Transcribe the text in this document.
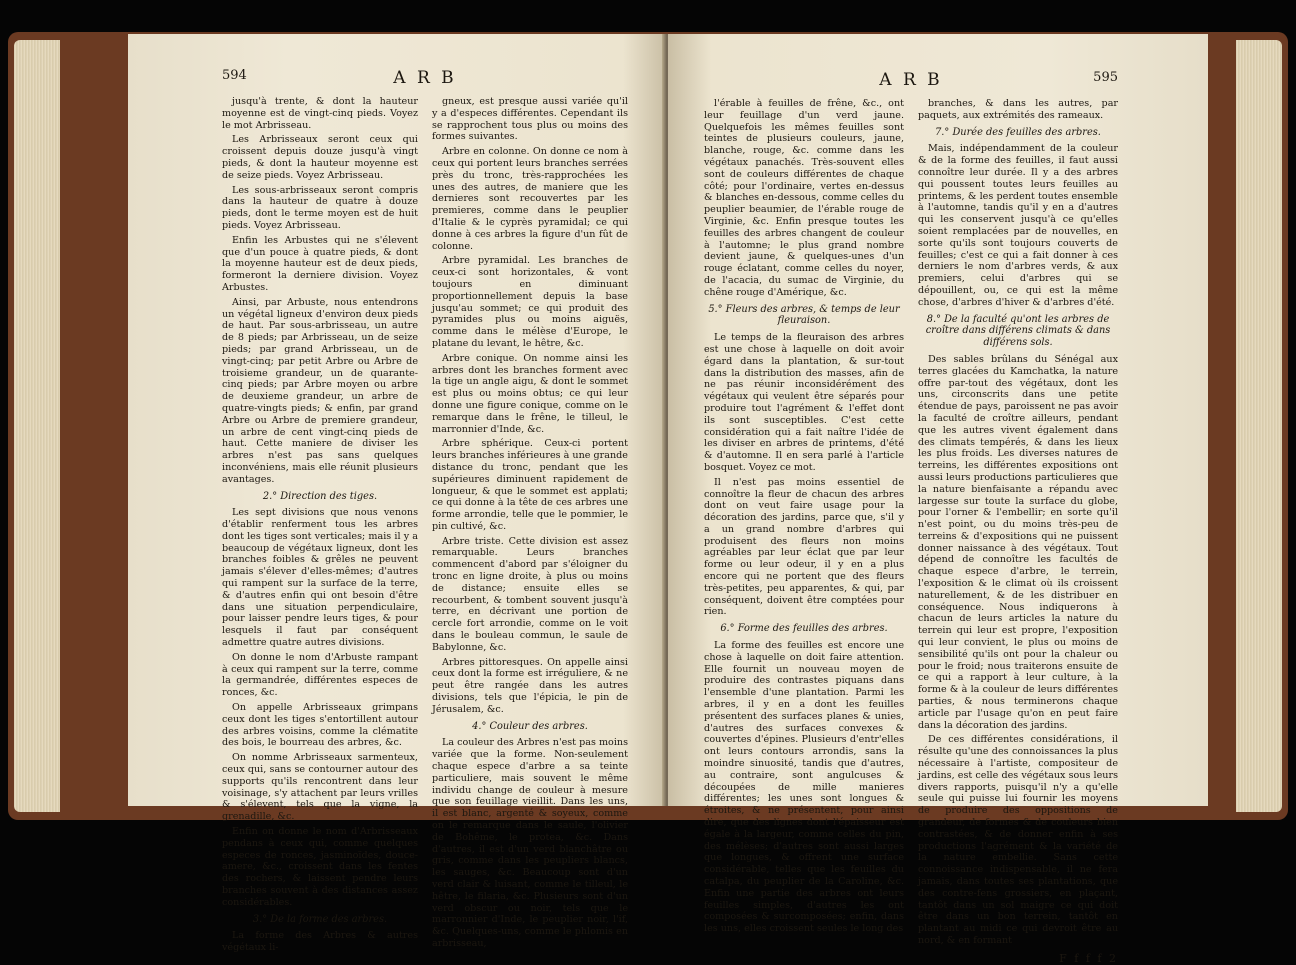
594	A R B

jusqu'à trente, & dont la hauteur moyenne est de vingt-cinq pieds. Voyez le mot Arbrisseau.

Les Arbrisseaux seront ceux qui croissent depuis douze jusqu'à vingt pieds, & dont la hauteur moyenne est de seize pieds. Voyez Arbrisseau.

Les sous-arbrisseaux seront compris dans la hauteur de quatre à douze pieds, dont le terme moyen est de huit pieds. Voyez Arbrisseau.

Enfin les Arbustes qui ne s'élevent que d'un pouce à quatre pieds, & dont la moyenne hauteur est de deux pieds, formeront la derniere division. Voyez Arbustes.

Ainsi, par Arbuste, nous entendrons un végétal ligneux d'environ deux pieds de haut. Par sous-arbrisseau, un autre de 8 pieds; par Arbrisseau, un de seize pieds; par grand Arbrisseau, un de vingt-cinq; par petit Arbre ou Arbre de troisieme grandeur, un de quarante-cinq pieds; par Arbre moyen ou arbre de deuxieme grandeur, un arbre de quatre-vingts pieds; & enfin, par grand Arbre ou Arbre de premiere grandeur, un arbre de cent vingt-cinq pieds de haut. Cette maniere de diviser les arbres n'est pas sans quelques inconvéniens, mais elle réunit plusieurs avantages.

2.° Direction des tiges.

Les sept divisions que nous venons d'établir renferment tous les arbres dont les tiges sont verticales; mais il y a beaucoup de végétaux ligneux, dont les branches foibles & grêles ne peuvent jamais s'élever d'elles-mêmes; d'autres qui rampent sur la surface de la terre, & d'autres enfin qui ont besoin d'être dans une situation perpendiculaire, pour laisser pendre leurs tiges, & pour lesquels il faut par conséquent admettre quatre autres divisions.

On donne le nom d'Arbuste rampant à ceux qui rampent sur la terre, comme la germandrée, différentes especes de ronces, &c.

On appelle Arbrisseaux grimpans ceux dont les tiges s'entortillent autour des arbres voisins, comme la clématite des bois, le bourreau des arbres, &c.

On nomme Arbrisseaux sarmenteux, ceux qui, sans se contourner autour des supports qu'ils rencontrent dans leur voisinage, s'y attachent par leurs vrilles & s'élevent, tels que la vigne, la grenadille, &c.

Enfin on donne le nom d'Arbrisseaux pendans à ceux qui, comme quelques especes de ronces, jasminoïdes, douce-amere, &c., croissent dans les fentes des rochers, & laissent pendre leurs branches souvent à des distances assez considérables.

3.° De la forme des arbres.

La forme des Arbres & autres végétaux li-

gneux, est presque aussi variée qu'il y a d'especes différentes. Cependant ils se rapprochent tous plus ou moins des formes suivantes.

Arbre en colonne. On donne ce nom à ceux qui portent leurs branches serrées près du tronc, très-rapprochées les unes des autres, de maniere que les dernieres sont recouvertes par les premieres, comme dans le peuplier d'Italie & le cyprès pyramidal; ce qui donne à ces arbres la figure d'un fût de colonne.

Arbre pyramidal. Les branches de ceux-ci sont horizontales, & vont toujours en diminuant proportionnellement depuis la base jusqu'au sommet; ce qui produit des pyramides plus ou moins aiguës, comme dans le mélèse d'Europe, le platane du levant, le hêtre, &c.

Arbre conique. On nomme ainsi les arbres dont les branches forment avec la tige un angle aigu, & dont le sommet est plus ou moins obtus; ce qui leur donne une figure conique, comme on le remarque dans le frêne, le tilleul, le marronnier d'Inde, &c.

Arbre sphérique. Ceux-ci portent leurs branches inférieures à une grande distance du tronc, pendant que les supérieures diminuent rapidement de longueur, & que le sommet est applati; ce qui donne à la tête de ces arbres une forme arrondie, telle que le pommier, le pin cultivé, &c.

Arbre triste. Cette division est assez remarquable. Leurs branches commencent d'abord par s'éloigner du tronc en ligne droite, à plus ou moins de distance; ensuite elles se recourbent, & tombent souvent jusqu'à terre, en décrivant une portion de cercle fort arrondie, comme on le voit dans le bouleau commun, le saule de Babylonne, &c.

Arbres pittoresques. On appelle ainsi ceux dont la forme est irréguliere, & ne peut être rangée dans les autres divisions, tels que l'épicia, le pin de Jérusalem, &c.

4.° Couleur des arbres.

La couleur des Arbres n'est pas moins variée que la forme. Non-seulement chaque espece d'arbre a sa teinte particuliere, mais souvent le même individu change de couleur à mesure que son feuillage vieillit. Dans les uns, il est blanc, argenté & soyeux, comme on le remarque dans le saule, l'olivier de Bohême, le protea, &c. Dans d'autres, il est d'un verd blanchâtre ou gris, comme dans les peupliers blancs, les sauges, &c. Beaucoup sont d'un verd clair & luisant, comme le tilleul, le hêtre, le filaria, &c. Plusieurs sont d'un verd obscur ou noir, tels que le marronnier d'Inde, le peuplier noir, l'if, &c. Quelques-uns, comme le phlomis en arbrisseau,

A R B	595

l'érable à feuilles de frêne, &c., ont leur feuillage d'un verd jaune. Quelquefois les mêmes feuilles sont teintes de plusieurs couleurs, jaune, blanche, rouge, &c. comme dans les végétaux panachés. Très-souvent elles sont de couleurs différentes de chaque côté; pour l'ordinaire, vertes en-dessus & blanches en-dessous, comme celles du peuplier beaumier, de l'érable rouge de Virginie, &c. Enfin presque toutes les feuilles des arbres changent de couleur à l'automne; le plus grand nombre devient jaune, & quelques-unes d'un rouge éclatant, comme celles du noyer, de l'acacia, du sumac de Virginie, du chêne rouge d'Amérique, &c.

5.° Fleurs des arbres, & temps de leur fleuraison.

Le temps de la fleuraison des arbres est une chose à laquelle on doit avoir égard dans la plantation, & sur-tout dans la distribution des masses, afin de ne pas réunir inconsidérément des végétaux qui veulent être séparés pour produire tout l'agrément & l'effet dont ils sont susceptibles. C'est cette considération qui a fait naître l'idée de les diviser en arbres de printems, d'été & d'automne. Il en sera parlé à l'article bosquet. Voyez ce mot.

Il n'est pas moins essentiel de connoître la fleur de chacun des arbres dont on veut faire usage pour la décoration des jardins, parce que, s'il y a un grand nombre d'arbres qui produisent des fleurs non moins agréables par leur éclat que par leur forme ou leur odeur, il y en a plus encore qui ne portent que des fleurs très-petites, peu apparentes, & qui, par conséquent, doivent être comptées pour rien.

6.° Forme des feuilles des arbres.

La forme des feuilles est encore une chose à laquelle on doit faire attention. Elle fournit un nouveau moyen de produire des contrastes piquans dans l'ensemble d'une plantation. Parmi les arbres, il y en a dont les feuilles présentent des surfaces planes & unies, d'autres des surfaces convexes & couvertes d'épines. Plusieurs d'entr'elles ont leurs contours arrondis, sans la moindre sinuosité, tandis que d'autres, au contraire, sont angulcuses & découpées de mille manieres différentes; les unes sont longues & étroites, & ne présentent, pour ainsi dire, que des lignes dont l'épaisseur est égale à la largeur, comme celles du pin, des mélèses; d'autres sont aussi larges que longues, & offrent une surface considérable, telles que les feuilles du catalpa, du peuplier de la Caroline, &c. Enfin une partie des arbres ont leurs feuilles simples, d'autres les ont composées & surcomposées; enfin, dans les uns, elles croissent seules le long des

branches, & dans les autres, par paquets, aux extrémités des rameaux.

7.° Durée des feuilles des arbres.

Mais, indépendamment de la couleur & de la forme des feuilles, il faut aussi connoître leur durée. Il y a des arbres qui poussent toutes leurs feuilles au printems, & les perdent toutes ensemble à l'automne, tandis qu'il y en a d'autres qui les conservent jusqu'à ce qu'elles soient remplacées par de nouvelles, en sorte qu'ils sont toujours couverts de feuilles; c'est ce qui a fait donner à ces derniers le nom d'arbres verds, & aux premiers, celui d'arbres qui se dépouillent, ou, ce qui est la même chose, d'arbres d'hiver & d'arbres d'été.

8.° De la faculté qu'ont les arbres de croître dans différens climats & dans différens sols.

Des sables brûlans du Sénégal aux terres glacées du Kamchatka, la nature offre par-tout des végétaux, dont les uns, circonscrits dans une petite étendue de pays, paroissent ne pas avoir la faculté de croître ailleurs, pendant que les autres vivent également dans des climats tempérés, & dans les lieux les plus froids. Les diverses natures de terreins, les différentes expositions ont aussi leurs productions particulieres que la nature bienfaisante a répandu avec largesse sur toute la surface du globe, pour l'orner & l'embellir; en sorte qu'il n'est point, ou du moins très-peu de terreins & d'expositions qui ne puissent donner naissance à des végétaux. Tout dépend de connoître les facultés de chaque espece d'arbre, le terrein, l'exposition & le climat où ils croissent naturellement, & de les distribuer en conséquence. Nous indiquerons à chacun de leurs articles la nature du terrein qui leur est propre, l'exposition qui leur convient, le plus ou moins de sensibilité qu'ils ont pour la chaleur ou pour le froid; nous traiterons ensuite de ce qui a rapport à leur culture, à la forme & à la couleur de leurs différentes parties, & nous terminerons chaque article par l'usage qu'on en peut faire dans la décoration des jardins.

De ces différentes considérations, il résulte qu'une des connoissances la plus nécessaire à l'artiste, compositeur de jardins, est celle des végétaux sous leurs divers rapports, puisqu'il n'y a qu'elle seule qui puisse lui fournir les moyens de produire des oppositions de grandeur, de formes & de couleurs bien contrastées, & de donner enfin à ses productions l'agrément & la variété de la nature embellie. Sans cette connoissance indispensable, il ne fera jamais, dans toutes ses plantations, que des contre-fens grossiers, en plaçant, tantôt dans un sol maigre ce qui doit être dans un bon terrein, tantôt en plantant au midi ce qui devroit être au nord, & en formant

F f f f 2
